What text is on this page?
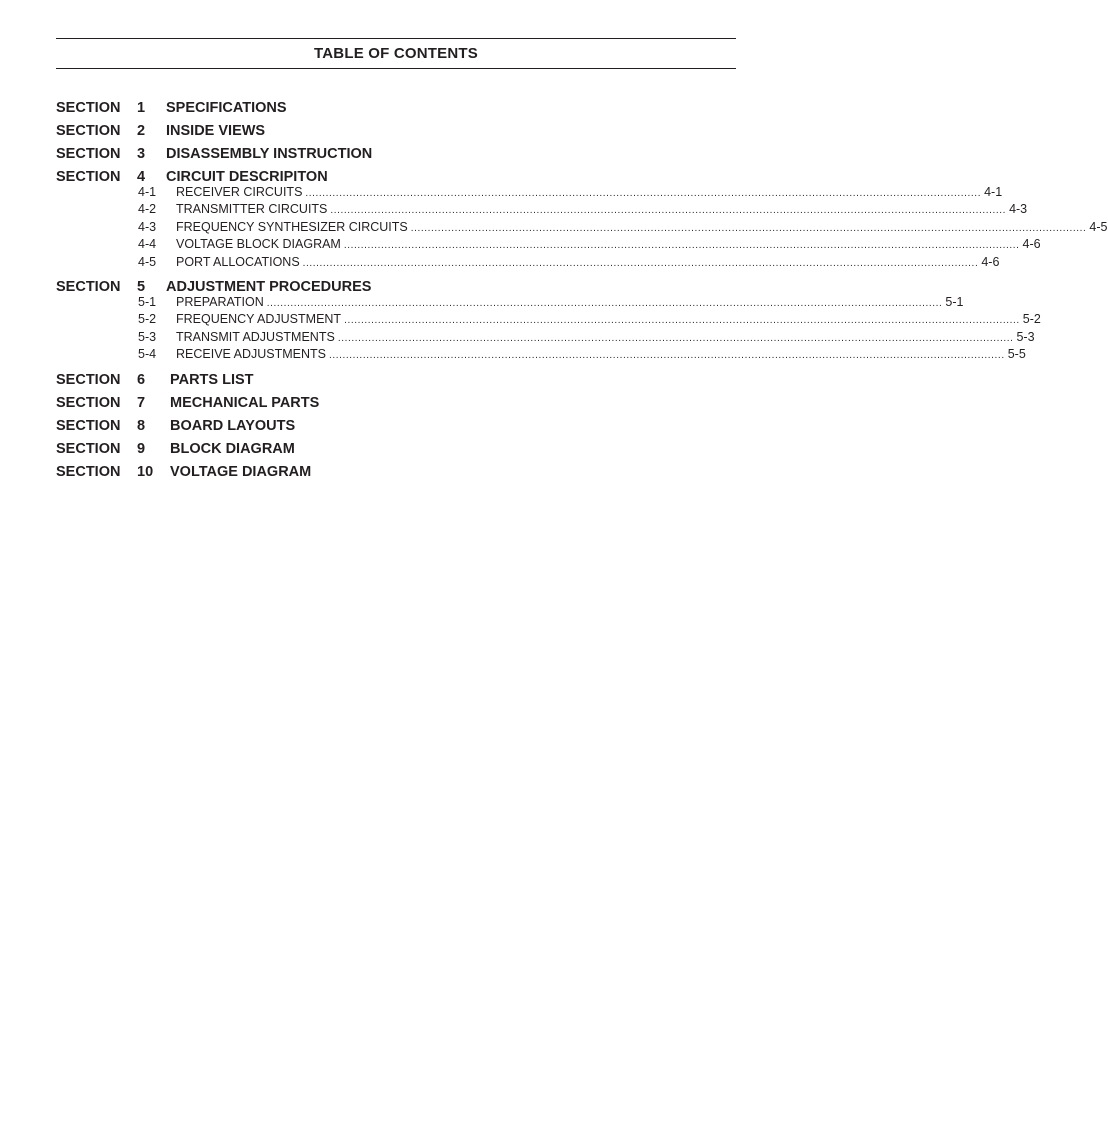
TABLE OF CONTENTS
SECTION 1 SPECIFICATIONS
SECTION 2 INSIDE VIEWS
SECTION 3 DISASSEMBLY INSTRUCTION
SECTION 4 CIRCUIT DESCRIPITON
4-1 RECEIVER CIRCUITS ........................................................................................................................................................................................................ 4-1
4-2 TRANSMITTER CIRCUITS ........................................................................................................................................................................................................ 4-3
4-3 FREQUENCY SYNTHESIZER CIRCUITS ........................................................................................................................................................................................................ 4-5
4-4 VOLTAGE BLOCK DIAGRAM ........................................................................................................................................................................................................ 4-6
4-5 PORT ALLOCATIONS ........................................................................................................................................................................................................ 4-6
SECTION 5 ADJUSTMENT PROCEDURES
5-1 PREPARATION ........................................................................................................................................................................................................ 5-1
5-2 FREQUENCY ADJUSTMENT ........................................................................................................................................................................................................ 5-2
5-3 TRANSMIT ADJUSTMENTS ........................................................................................................................................................................................................ 5-3
5-4 RECEIVE ADJUSTMENTS ........................................................................................................................................................................................................ 5-5
SECTION 6 PARTS LIST
SECTION 7 MECHANICAL PARTS
SECTION 8 BOARD LAYOUTS
SECTION 9 BLOCK DIAGRAM
SECTION 10 VOLTAGE DIAGRAM
